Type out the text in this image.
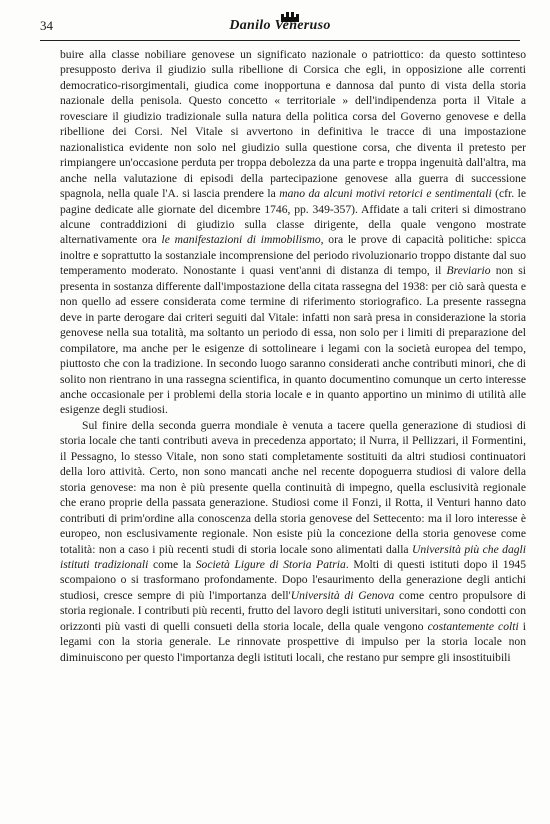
34	Danilo Veneruso

buire alla classe nobiliare genovese un significato nazionale o patriottico: da questo sottinteso presupposto deriva il giudizio sulla ribellione di Corsica che egli, in opposizione alle correnti democratico-risorgimentali, giudica come inopportuna e dannosa dal punto di vista della storia nazionale della penisola. Questo concetto « territoriale » dell'indipendenza porta il Vitale a rovesciare il giudizio tradizionale sulla natura della politica corsa del Governo genovese e della ribellione dei Corsi. Nel Vitale si avvertono in definitiva le tracce di una impostazione nazionalistica evidente non solo nel giudizio sulla questione corsa, che diventa il pretesto per rimpiangere un'occasione perduta per troppa debolezza da una parte e troppa ingenuità dall'altra, ma anche nella valutazione di episodi della partecipazione genovese alla guerra di successione spagnola, nella quale l'A. si lascia prendere la mano da alcuni motivi retorici e sentimentali (cfr. le pagine dedicate alle giornate del dicembre 1746, pp. 349-357). Affidate a tali criteri si dimostrano alcune contraddizioni di giudizio sulla classe dirigente, della quale vengono mostrate alternativamente ora le manifestazioni di immobilismo, ora le prove di capacità politiche: spicca inoltre e soprattutto la sostanziale incomprensione del periodo rivoluzionario troppo distante dal suo temperamento moderato. Nonostante i quasi vent'anni di distanza di tempo, il Breviario non si presenta in sostanza differente dall'impostazione della citata rassegna del 1938: per ciò sarà questa e non quello ad essere considerata come termine di riferimento storiografico. La presente rassegna deve in parte derogare dai criteri seguiti dal Vitale: infatti non sarà presa in considerazione la storia genovese nella sua totalità, ma soltanto un periodo di essa, non solo per i limiti di preparazione del compilatore, ma anche per le esigenze di sottolineare i legami con la società europea del tempo, piuttosto che con la tradizione. In secondo luogo saranno considerati anche contributi minori, che di solito non rientrano in una rassegna scientifica, in quanto documentino comunque un certo interesse anche occasionale per i problemi della storia locale e in quanto apportino un minimo di utilità alle esigenze degli studiosi.

Sul finire della seconda guerra mondiale è venuta a tacere quella generazione di studiosi di storia locale che tanti contributi aveva in precedenza apportato; il Nurra, il Pellizzari, il Formentini, il Pessagno, lo stesso Vitale, non sono stati completamente sostituiti da altri studiosi continuatori della loro attività. Certo, non sono mancati anche nel recente dopoguerra studiosi di valore della storia genovese: ma non è più presente quella continuità di impegno, quella esclusività regionale che erano proprie della passata generazione. Studiosi come il Fonzi, il Rotta, il Venturi hanno dato contributi di prim'ordine alla conoscenza della storia genovese del Settecento: ma il loro interesse è europeo, non esclusivamente regionale. Non esiste più la concezione della storia genovese come totalità: non a caso i più recenti studi di storia locale sono alimentati dalla Università più che dagli istituti tradizionali come la Società Ligure di Storia Patria. Molti di questi istituti dopo il 1945 scompaiono o si trasformano profondamente. Dopo l'esaurimento della generazione degli antichi studiosi, cresce sempre di più l'importanza dell'Università di Genova come centro propulsore di storia regionale. I contributi più recenti, frutto del lavoro degli istituti universitari, sono condotti con orizzonti più vasti di quelli consueti della storia locale, della quale vengono costantemente colti i legami con la storia generale. Le rinnovate prospettive di impulso per la storia locale non diminuiscono per questo l'importanza degli istituti locali, che restano pur sempre gli insostituibili
